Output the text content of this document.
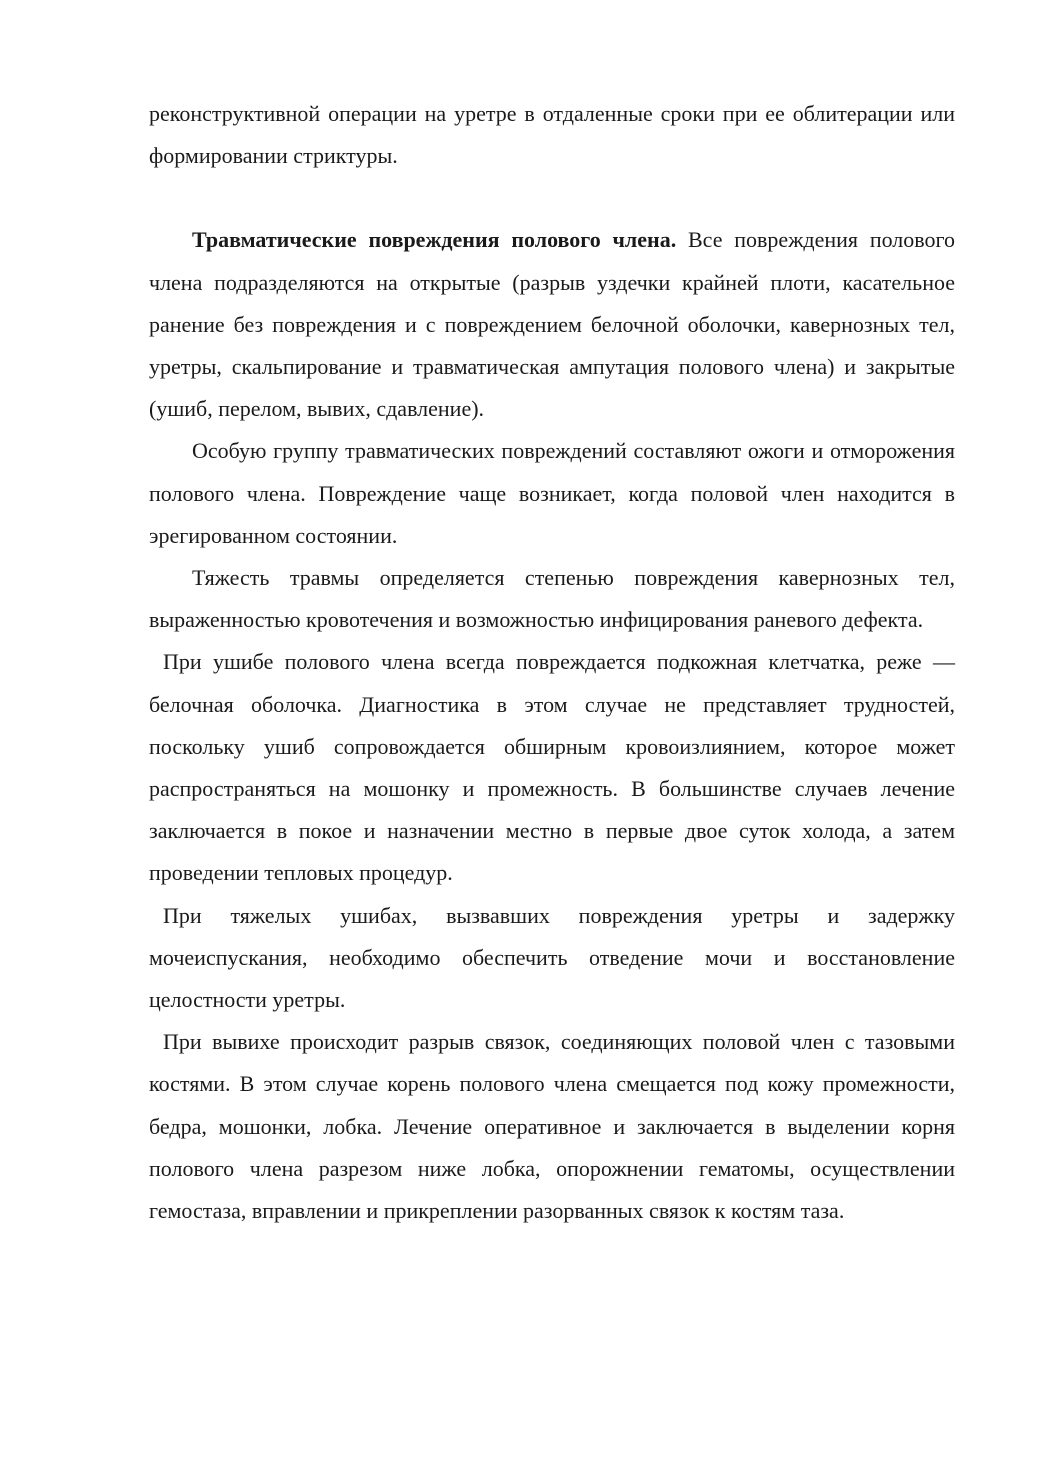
реконструктивной операции на уретре в отдаленные сроки при ее облитерации или формировании стриктуры.

Травматические повреждения полового члена. Все повреждения полового члена подразделяются на открытые (разрыв уздечки крайней плоти, касательное ранение без повреждения и с повреждением белочной оболочки, кавернозных тел, уретры, скальпирование и травматическая ампутация полового члена) и закрытые (ушиб, перелом, вывих, сдавление).

Особую группу травматических повреждений составляют ожоги и отморожения полового члена. Повреждение чаще возникает, когда половой член находится в эрегированном состоянии.

Тяжесть травмы определяется степенью повреждения кавернозных тел, выраженностью кровотечения и возможностью инфицирования раневого дефекта.

При ушибе полового члена всегда повреждается подкожная клетчатка, реже — белочная оболочка. Диагностика в этом случае не представляет трудностей, поскольку ушиб сопровождается обширным кровоизлиянием, которое может распространяться на мошонку и промежность. В большинстве случаев лечение заключается в покое и назначении местно в первые двое суток холода, а затем проведении тепловых процедур.

При тяжелых ушибах, вызвавших повреждения уретры и задержку мочеиспускания, необходимо обеспечить отведение мочи и восстановление целостности уретры.

При вывихе происходит разрыв связок, соединяющих половой член с тазовыми костями. В этом случае корень полового члена смещается под кожу промежности, бедра, мошонки, лобка. Лечение оперативное и заключается в выделении корня полового члена разрезом ниже лобка, опорожнении гематомы, осуществлении гемостаза, вправлении и прикреплении разорванных связок к костям таза.
